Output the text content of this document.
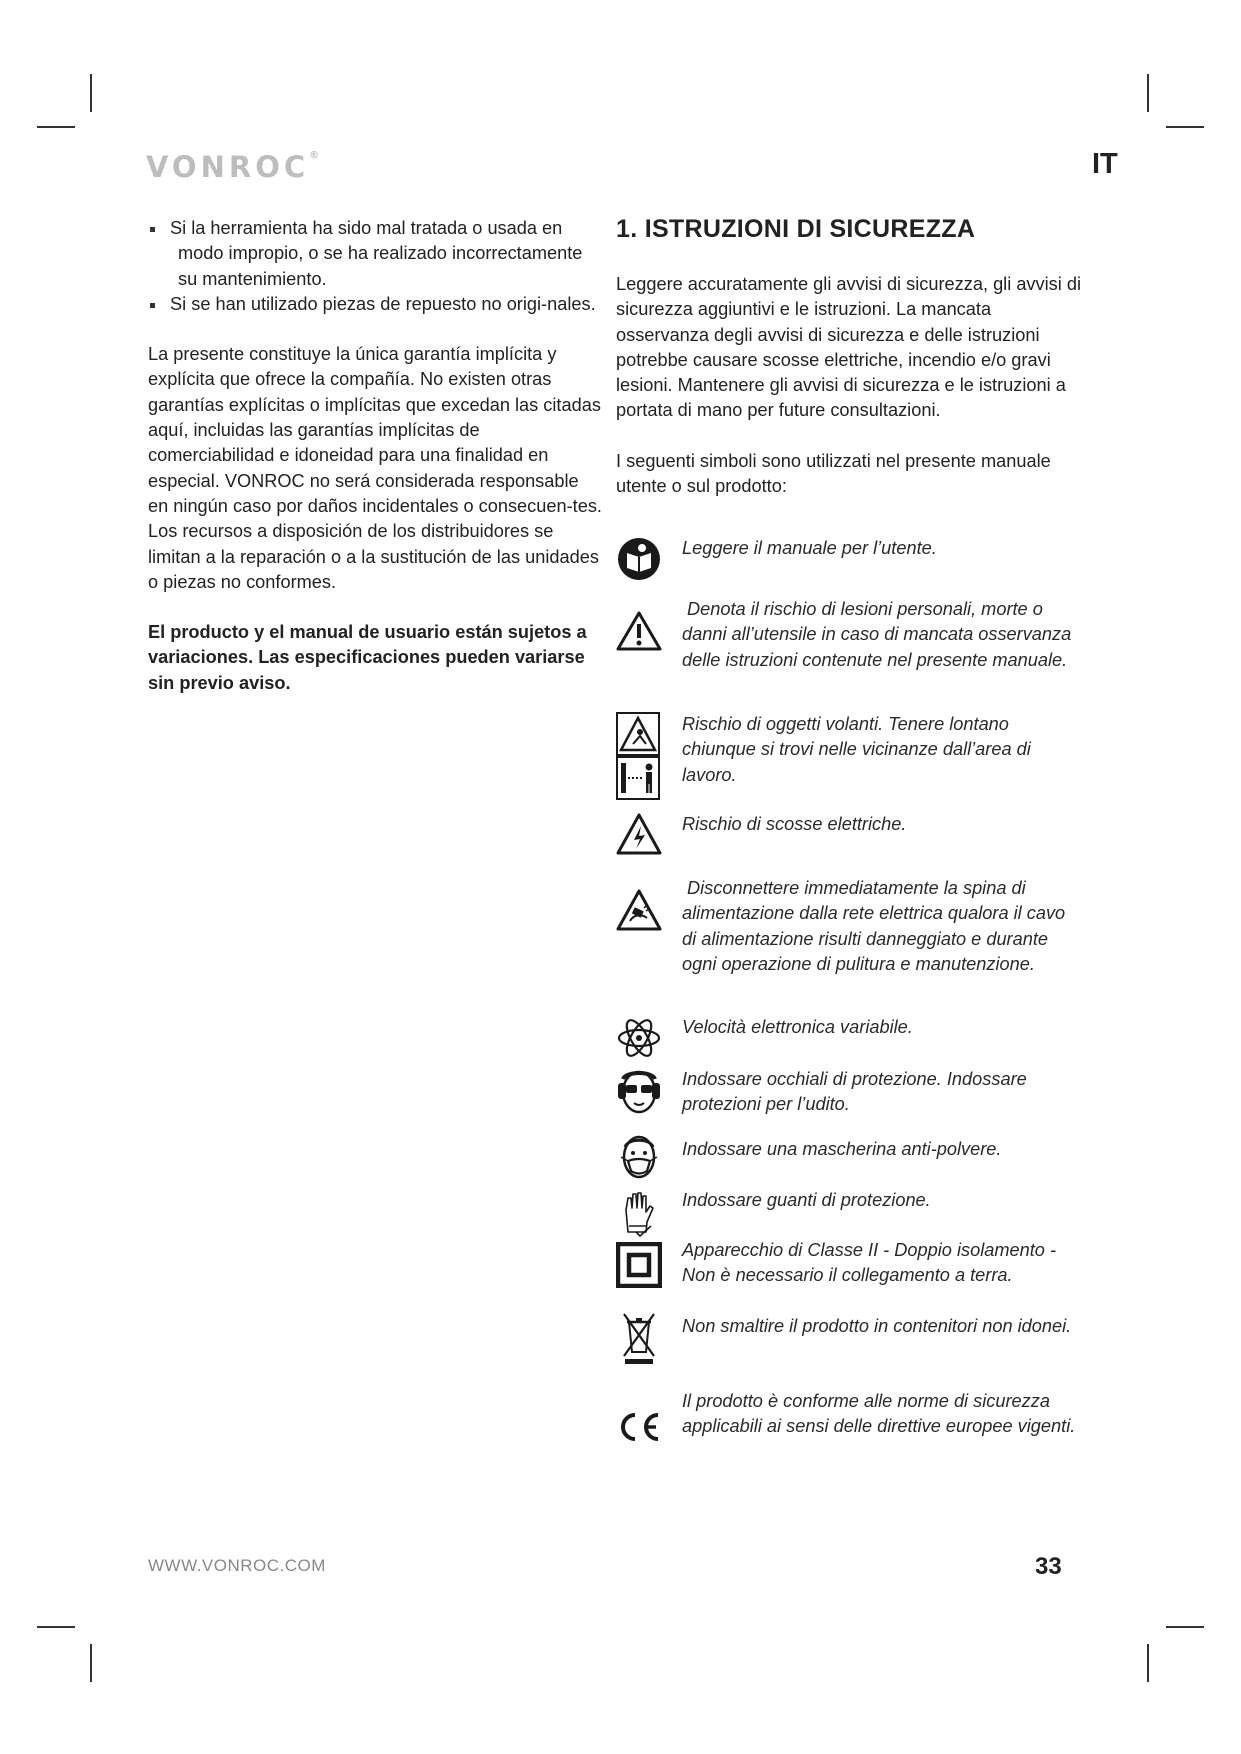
VONROC®	IT
Si la herramienta ha sido mal tratada o usada en modo impropio, o se ha realizado incorrectamente su mantenimiento.
Si se han utilizado piezas de repuesto no origi-nales.

La presente constituye la única garantía implícita y explícita que ofrece la compañía. No existen otras garantías explícitas o implícitas que excedan las citadas aquí, incluidas las garantías implícitas de comerciabilidad e idoneidad para una finalidad en especial. VONROC no será considerada responsable en ningún caso por daños incidentales o consecuen-tes. Los recursos a disposición de los distribuidores se limitan a la reparación o a la sustitución de las unidades o piezas no conformes.

El producto y el manual de usuario están sujetos a variaciones. Las especificaciones pueden variarse sin previo aviso.

1. ISTRUZIONI DI SICUREZZA

Leggere accuratamente gli avvisi di sicurezza, gli avvisi di sicurezza aggiuntivi e le istruzioni. La mancata osservanza degli avvisi di sicurezza e delle istruzioni potrebbe causare scosse elettriche, incendio e/o gravi lesioni. Mantenere gli avvisi di sicurezza e le istruzioni a portata di mano per future consultazioni.

I seguenti simboli sono utilizzati nel presente manuale utente o sul prodotto:

Leggere il manuale per l’utente.
Denota il rischio di lesioni personali, morte o danni all’utensile in caso di mancata osservanza delle istruzioni contenute nel presente manuale.
Rischio di oggetti volanti. Tenere lontano chiunque si trovi nelle vicinanze dall’area di lavoro.
Rischio di scosse elettriche.
Disconnettere immediatamente la spina di alimentazione dalla rete elettrica qualora il cavo di alimentazione risulti danneggiato e durante ogni operazione di pulitura e manutenzione.
Velocità elettronica variabile.
Indossare occhiali di protezione. Indossare protezioni per l’udito.
Indossare una mascherina anti-polvere.
Indossare guanti di protezione.
Apparecchio di Classe II - Doppio isolamento - Non è necessario il collegamento a terra.
Non smaltire il prodotto in contenitori non idonei.
Il prodotto è conforme alle norme di sicurezza applicabili ai sensi delle direttive europee vigenti.
WWW.VONROC.COM	33
